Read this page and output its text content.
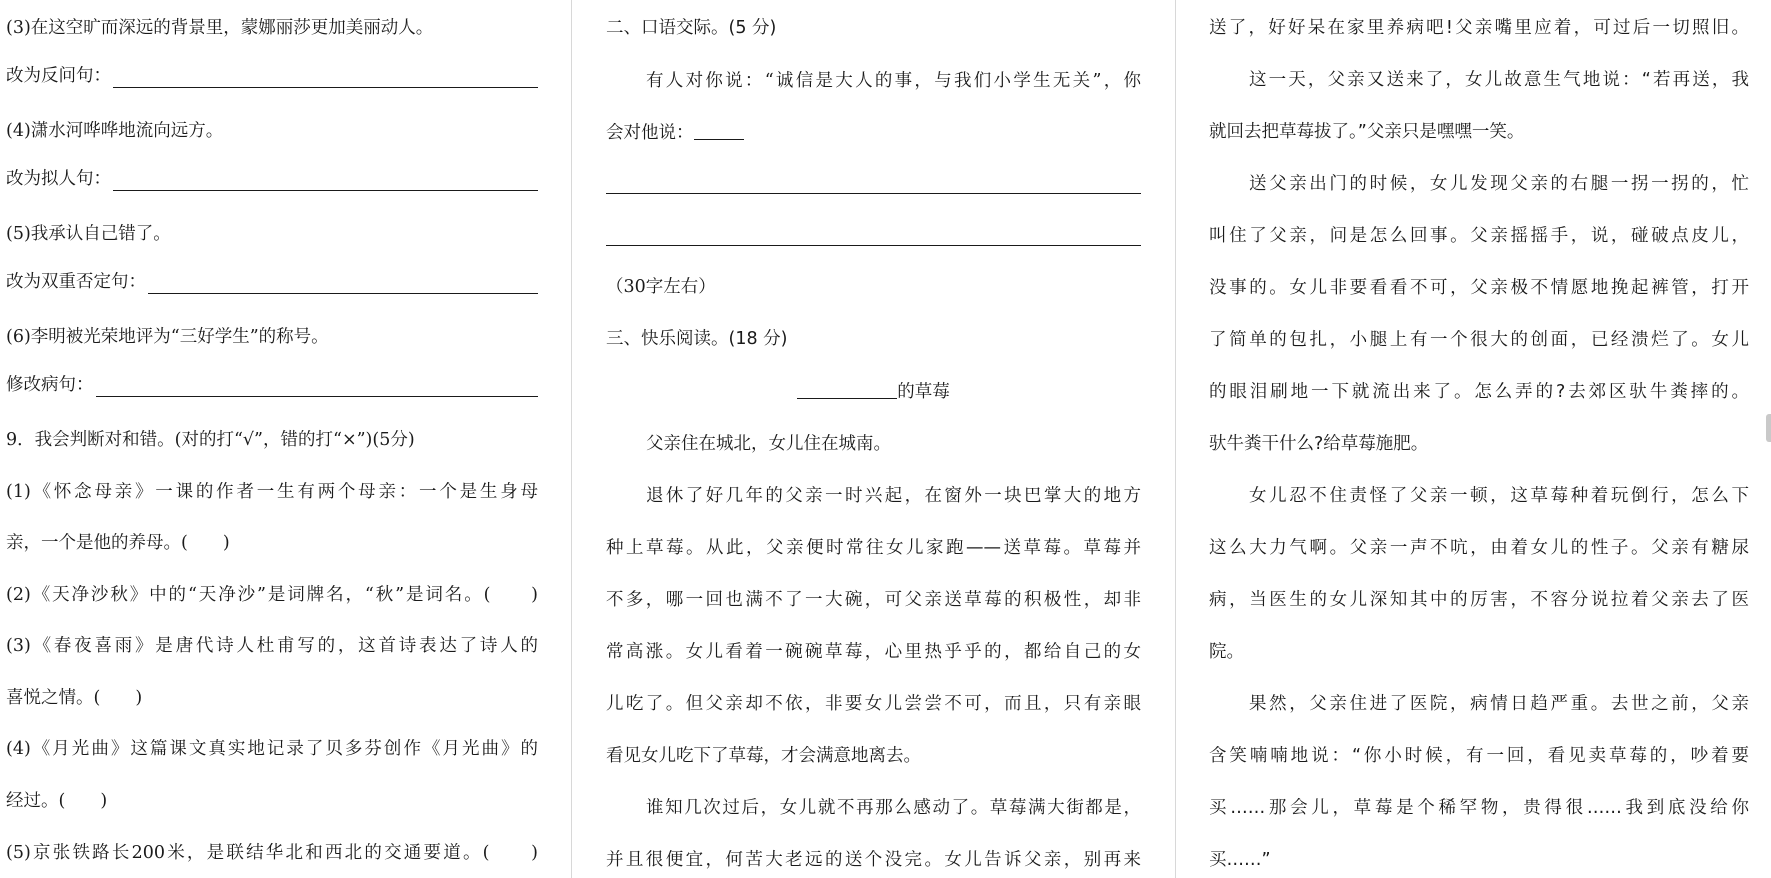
(3)在这空旷而深远的背景里，蒙娜丽莎更加美丽动人。
改为反问句：
(4)潇水河哗哗地流向远方。
改为拟人句：
(5)我承认自己错了。
改为双重否定句：
(6)李明被光荣地评为“三好学生”的称号。
修改病句：
9．我会判断对和错。(对的打“√”，错的打“×”)(5分)
(1)《怀念母亲》一课的作者一生有两个母亲：一个是生身母
亲，一个是他的养母。(　　)
(2)《天净沙秋》中的“天净沙”是词牌名，“秋”是词名。(　　)
(3)《春夜喜雨》是唐代诗人杜甫写的，这首诗表达了诗人的
喜悦之情。(　　)
(4)《月光曲》这篇课文真实地记录了贝多芬创作《月光曲》的
经过。(　　)
(5)京张铁路长200米，是联结华北和西北的交通要道。(　　)
二、口语交际。(5 分)
有人对你说：“诚信是大人的事，与我们小学生无关”，你
会对他说：
（30字左右）
三、快乐阅读。(18 分)
的草莓
父亲住在城北，女儿住在城南。
退休了好几年的父亲一时兴起，在窗外一块巴掌大的地方
种上草莓。从此，父亲便时常往女儿家跑——送草莓。草莓并
不多，哪一回也满不了一大碗，可父亲送草莓的积极性，却非
常高涨。女儿看着一碗碗草莓，心里热乎乎的，都给自己的女
儿吃了。但父亲却不依，非要女儿尝尝不可，而且，只有亲眼
看见女儿吃下了草莓，才会满意地离去。
谁知几次过后，女儿就不再那么感动了。草莓满大街都是，
并且很便宜，何苦大老远的送个没完。女儿告诉父亲，别再来
送了，好好呆在家里养病吧!父亲嘴里应着，可过后一切照旧。
这一天，父亲又送来了，女儿故意生气地说：“若再送，我
就回去把草莓拔了。”父亲只是嘿嘿一笑。
送父亲出门的时候，女儿发现父亲的右腿一拐一拐的，忙
叫住了父亲，问是怎么回事。父亲摇摇手，说，碰破点皮儿，
没事的。女儿非要看看不可，父亲极不情愿地挽起裤管，打开
了简单的包扎，小腿上有一个很大的创面，已经溃烂了。女儿
的眼泪刷地一下就流出来了。怎么弄的?去郊区驮牛粪摔的。
驮牛粪干什么?给草莓施肥。
女儿忍不住责怪了父亲一顿，这草莓种着玩倒行，怎么下
这么大力气啊。父亲一声不吭，由着女儿的性子。父亲有糖尿
病，当医生的女儿深知其中的厉害，不容分说拉着父亲去了医
院。
果然，父亲住进了医院，病情日趋严重。去世之前，父亲
含笑喃喃地说：“你小时候，有一回，看见卖草莓的，吵着要
买……那会儿，草莓是个稀罕物，贵得很……我到底没给你
买……”
